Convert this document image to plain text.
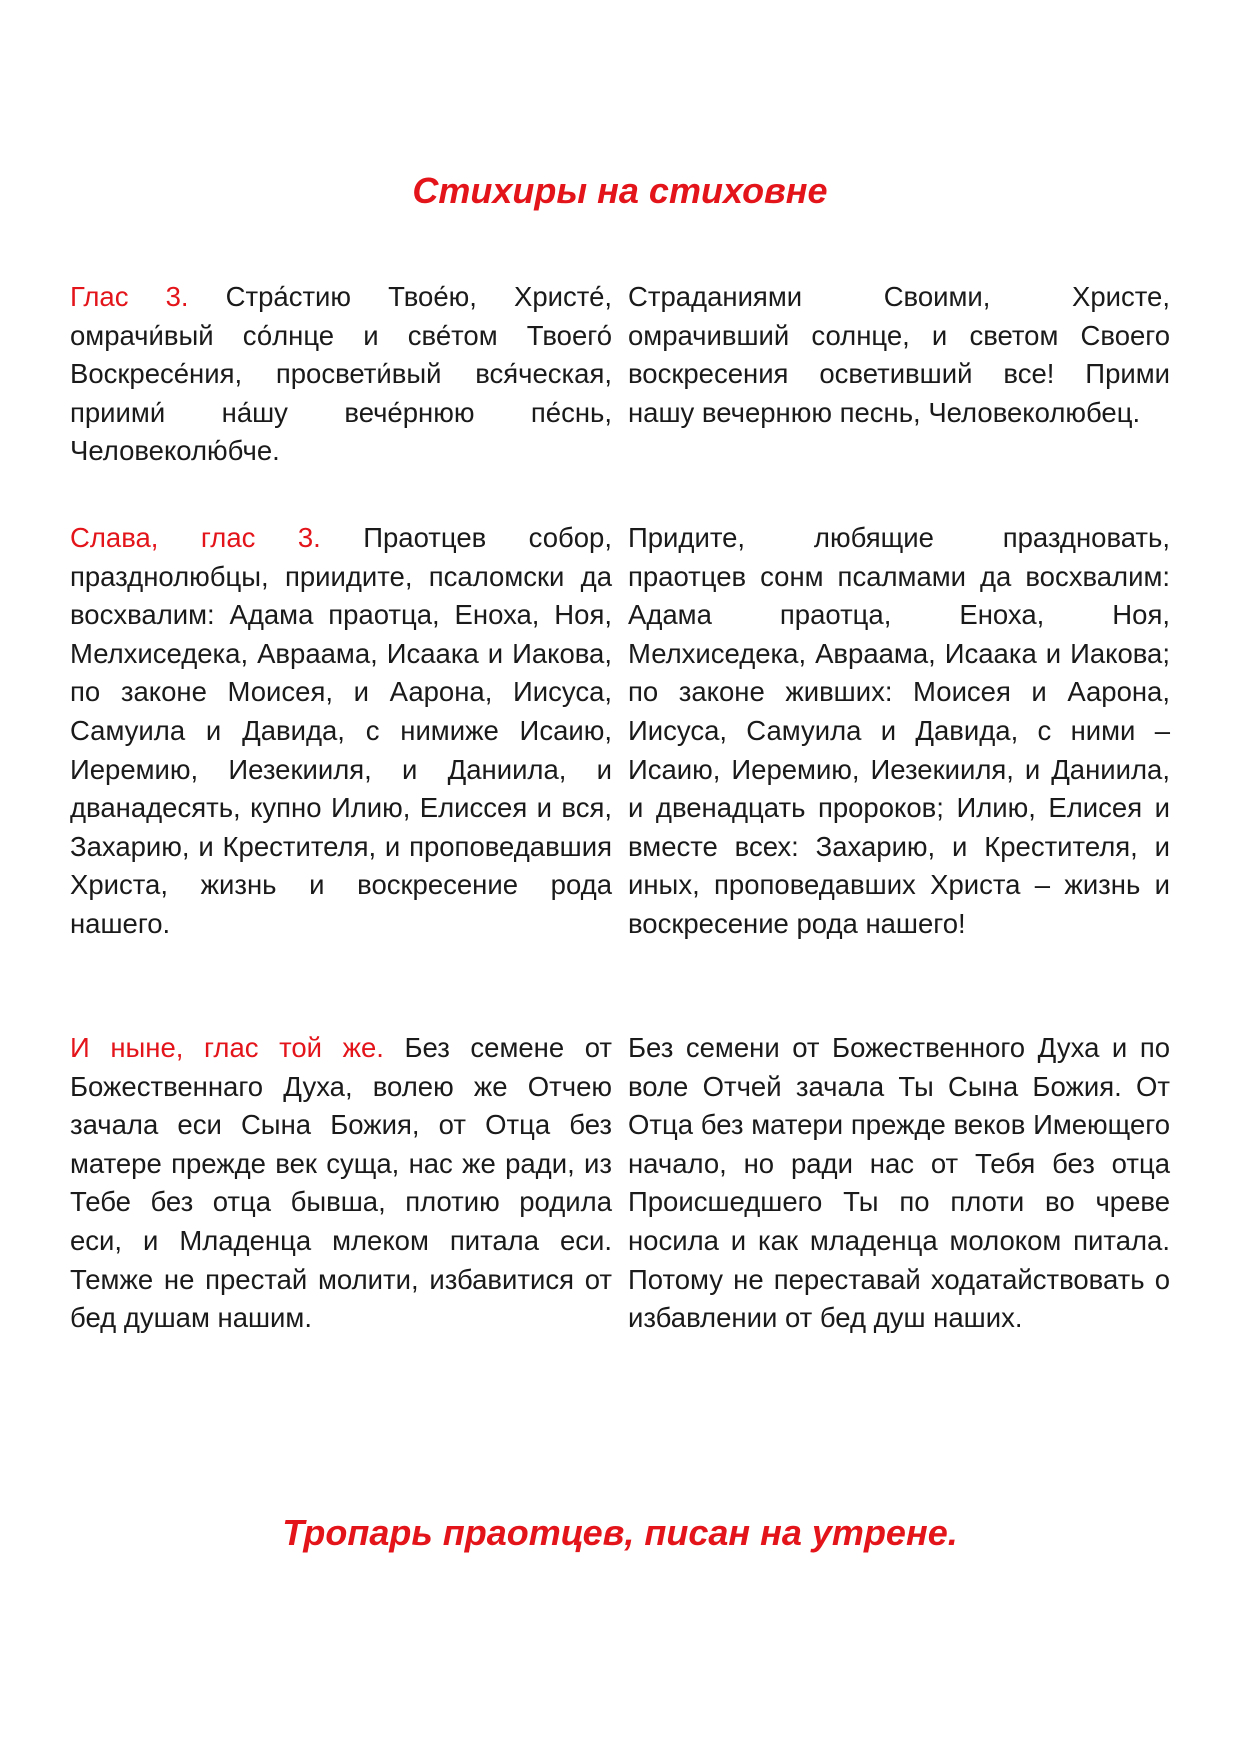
Стихиры на стиховне

Глас 3. Стра́стию Твое́ю, Христе́, омрачи́вый со́лнце и све́том Твоего́ Воскресе́ния, просвети́вый вся́ческая, приими́ на́шу вече́рнюю пе́снь, Человеколю́бче.

Страданиями Своими, Христе, омрачивший солнце, и светом Своего воскресения осветивший все! Прими нашу вечернюю песнь, Человеколюбец.

Слава, глас 3. Праотцев собор, празднолюбцы, приидите, псаломски да восхвалим: Адама праотца, Еноха, Ноя, Мелхиседека, Авраама, Исаака и Иакова, по законе Моисея, и Аарона, Иисуса, Самуила и Давида, с нимиже Исаию, Иеремию, Иезекииля, и Даниила, и дванадесять, купно Илию, Елиссея и вся, Захарию, и Крестителя, и проповедавшия Христа, жизнь и воскресение рода нашего.

Придите, любящие праздновать, праотцев сонм псалмами да восхвалим: Адама праотца, Еноха, Ноя, Мелхиседека, Авраама, Исаака и Иакова; по законе живших: Моисея и Аарона, Иисуса, Самуила и Давида, с ними – Исаию, Иеремию, Иезекииля, и Даниила, и двенадцать пророков; Илию, Елисея и вместе всех: Захарию, и Крестителя, и иных, проповедавших Христа – жизнь и воскресение рода нашего!

И ныне, глас той же. Без семене от Божественнаго Духа, волею же Отчею зачала еси Сына Божия, от Отца без матере прежде век суща, нас же ради, из Тебе без отца бывша, плотию родила еси, и Младенца млеком питала еси. Темже не престай молити, избавитися от бед душам нашим.

Без семени от Божественного Духа и по воле Отчей зачала Ты Сына Божия. От Отца без матери прежде веков Имеющего начало, но ради нас от Тебя без отца Происшедшего Ты по плоти во чреве носила и как младенца молоком питала. Потому не переставай ходатайствовать о избавлении от бед душ наших.

Тропарь праотцев, писан на утрене.
